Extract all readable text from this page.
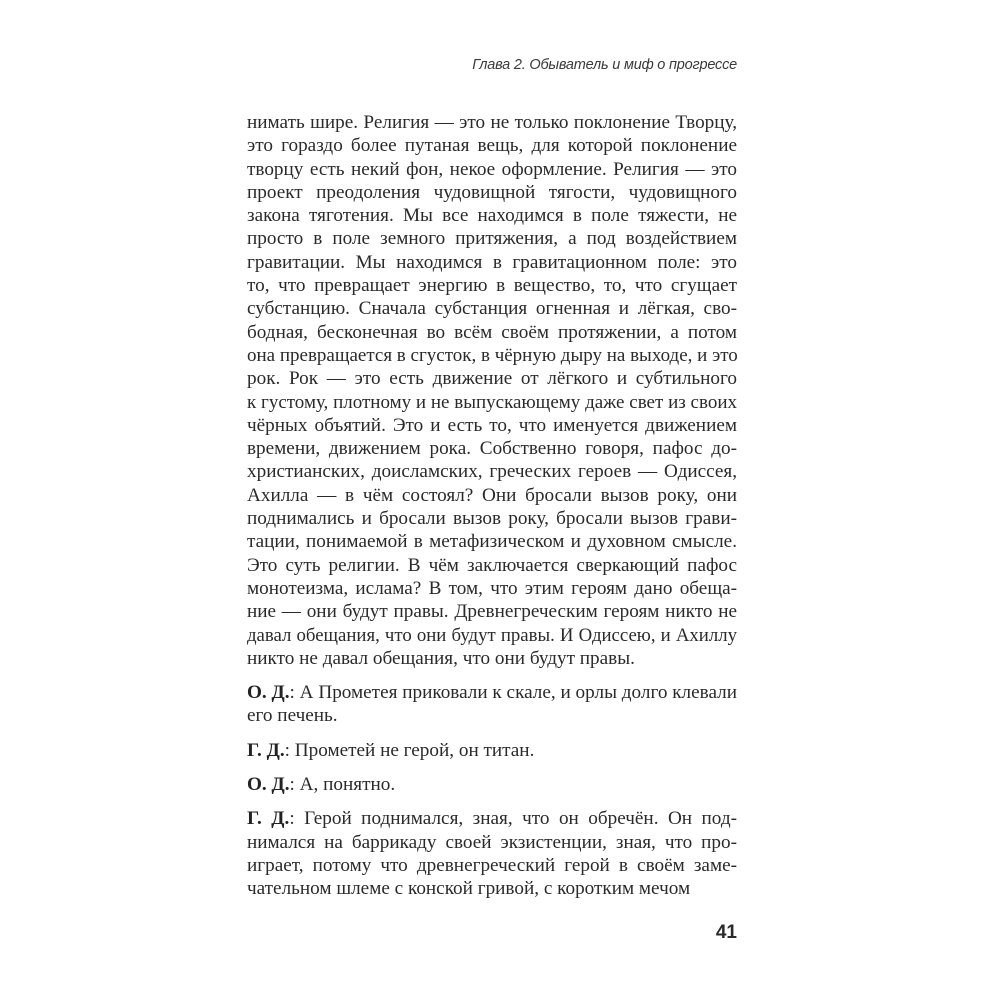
Глава 2. Обыватель и миф о прогрессе
нимать шире. Религия — это не только поклонение Творцу,
это гораздо более путаная вещь, для которой поклонение
творцу есть некий фон, некое оформление. Религия — это
проект преодоления чудовищной тягости, чудовищного
закона тяготения. Мы все находимся в поле тяжести, не
просто в поле земного притяжения, а под воздействием
гравитации. Мы находимся в гравитационном поле: это
то, что превращает энергию в вещество, то, что сгущает
субстанцию. Сначала субстанция огненная и лёгкая, сво-
бодная, бесконечная во всём своём протяжении, а потом
она превращается в сгусток, в чёрную дыру на выходе, и это
рок. Рок — это есть движение от лёгкого и субтильного
к густому, плотному и не выпускающему даже свет из своих
чёрных объятий. Это и есть то, что именуется движением
времени, движением рока. Собственно говоря, пафос до-
христианских, доисламских, греческих героев — Одиссея,
Ахилла — в чём состоял? Они бросали вызов року, они
поднимались и бросали вызов року, бросали вызов грави-
тации, понимаемой в метафизическом и духовном смысле.
Это суть религии. В чём заключается сверкающий пафос
монотеизма, ислама? В том, что этим героям дано обеща-
ние — они будут правы. Древнегреческим героям никто не
давал обещания, что они будут правы. И Одиссею, и Ахиллу
никто не давал обещания, что они будут правы.
О. Д.: А Прометея приковали к скале, и орлы долго клевали
его печень.
Г. Д.: Прометей не герой, он титан.
О. Д.: А, понятно.
Г. Д.: Герой поднимался, зная, что он обречён. Он под-
нимался на баррикаду своей экзистенции, зная, что про-
играет, потому что древнегреческий герой в своём заме-
чательном шлеме с конской гривой, с коротким мечом
41
